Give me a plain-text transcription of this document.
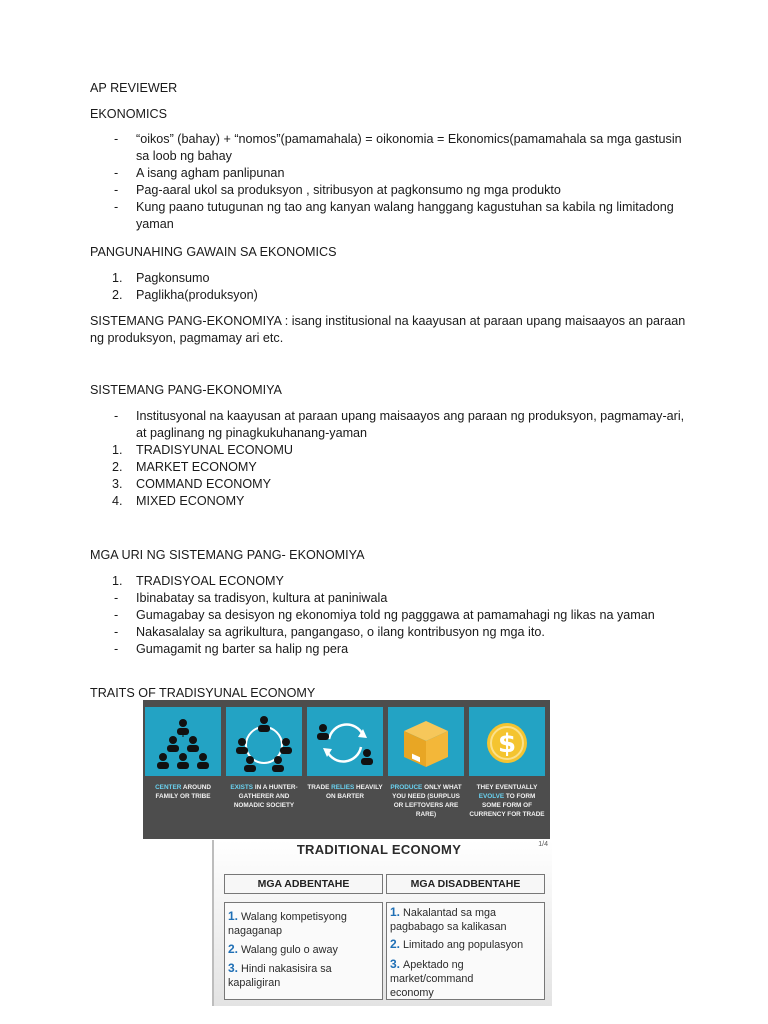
AP REVIEWER

EKONOMICS

- “oikos” (bahay) + “nomos”(pamamahala) = oikonomia = Ekonomics(pamamahala sa mga gastusin sa loob ng bahay
- A isang agham panlipunan
- Pag-aaral ukol sa produksyon , sitribusyon at pagkonsumo ng mga produkto
- Kung paano tutugunan ng tao ang kanyan walang hanggang kagustuhan sa kabila ng limitadong yaman

PANGUNAHING GAWAIN SA EKONOMICS

1. Pagkonsumo
2. Paglikha(produksyon)

SISTEMANG PANG-EKONOMIYA : isang institusional na kaayusan at paraan upang maisaayos an paraan ng produksyon, pagmamay ari etc.

SISTEMANG PANG-EKONOMIYA

- Institusyonal na kaayusan at paraan upang maisaayos ang paraan ng produksyon, pagmamay-ari, at paglinang ng pinagkukuhanang-yaman
1. TRADISYUNAL ECONOMU
2. MARKET ECONOMY
3. COMMAND ECONOMY
4. MIXED ECONOMY

MGA URI NG SISTEMANG PANG- EKONOMIYA

1. TRADISYOAL ECONOMY
- Ibinabatay sa tradisyon, kultura at paniniwala
- Gumagabay sa desisyon ng ekonomiya told ng pagggawa at pamamahagi ng likas na yaman
- Nakasalalay sa agrikultura, pangangaso, o ilang kontribusyon ng mga ito.
- Gumagamit ng barter sa halip ng pera

TRAITS OF TRADISYUNAL ECONOMY

CENTER AROUND FAMILY OR TRIBE
EXISTS IN A HUNTER-GATHERER AND NOMADIC SOCIETY
TRADE RELIES HEAVILY ON BARTER
PRODUCE ONLY WHAT YOU NEED (SURPLUS OR LEFTOVERS ARE RARE)
$
THEY EVENTUALLY EVOLVE TO FORM SOME FORM OF CURRENCY FOR TRADE
TRADITIONAL ECONOMY	1/4
MGA ADBENTAHE	MGA DISADBENTAHE
1. Walang kompetisyong nagaganap
2. Walang gulo o away
3. Hindi nakasisira sa kapaligiran
1. Nakalantad sa mga pagbabago sa kalikasan
2. Limitado ang populasyon
3. Apektado ng market/command economy
